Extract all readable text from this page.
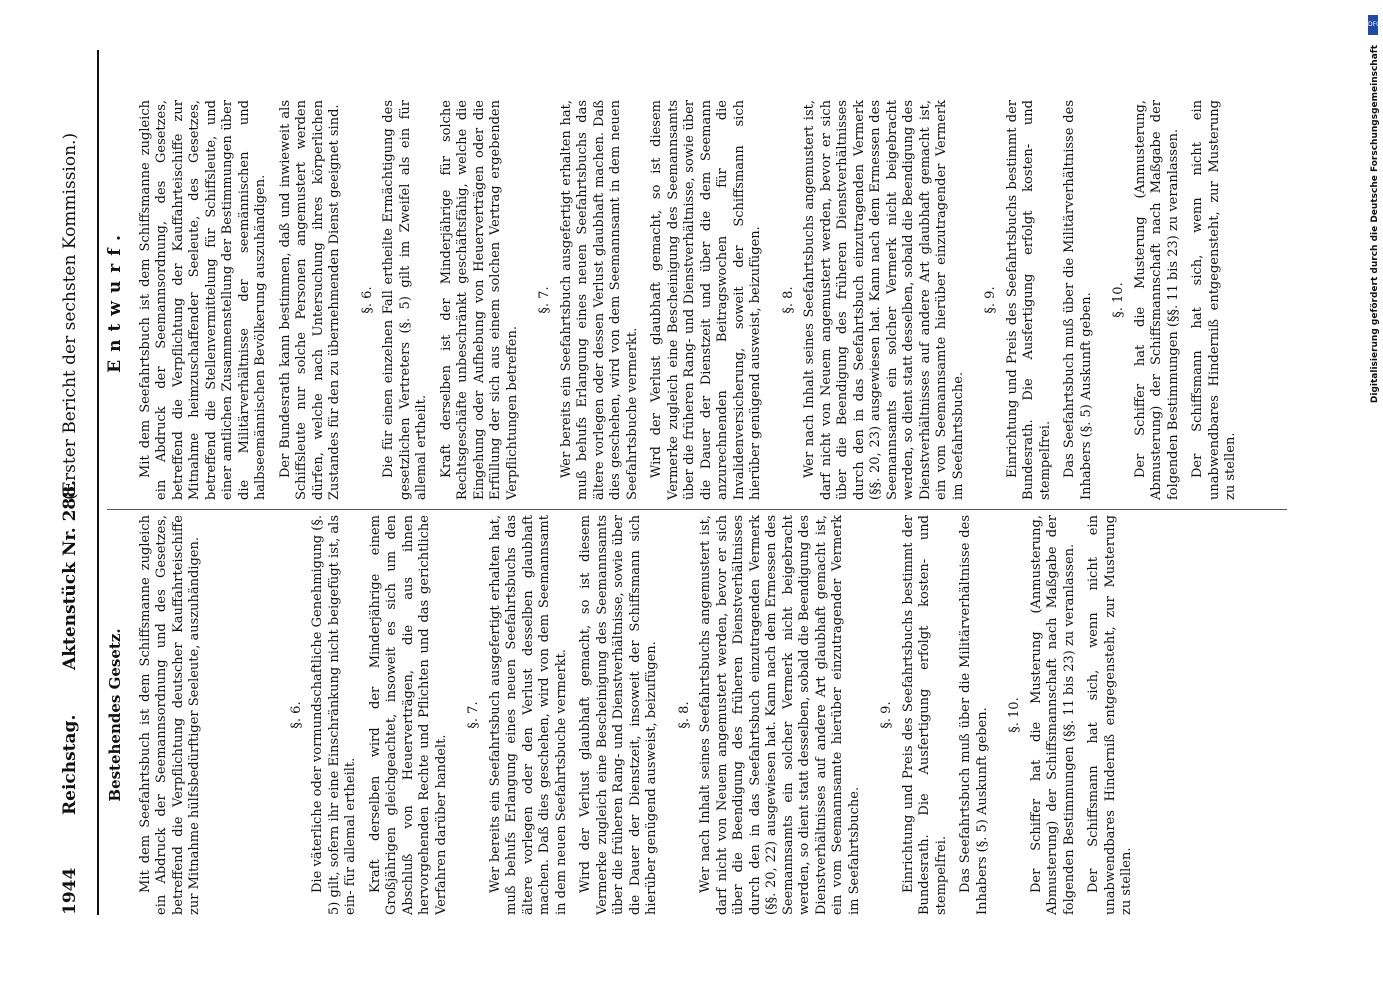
1944
Reichstag.
Aktenstück Nr. 288.
(Erster Bericht der sechsten Kommission.)
Bestehendes Gesetz. Mit dem Seefahrtsbuch ist dem Schiffsmanne zugleich ein Abdruck der Seemannsordnung und des Gesetzes, betreffend die Verpflichtung deutscher Kauffahrteischiffe zur Mitnahme hülfsbedürftiger Seeleute, auszuhändigen.	§. 6. Die väterliche oder vormundschaftliche Genehmigung (§. 5) gilt, sofern ihr eine Einschränkung nicht beigefügt ist, als ein- für allemal ertheilt. Kraft derselben wird der Minderjährige einem Großjährigen gleichgeachtet, insoweit es sich um den Abschluß von Heuerverträgen, die aus ihnen hervorgehenden Rechte und Pflichten und das gerichtliche Verfahren darüber handelt.

§. 7. Wer bereits ein Seefahrtsbuch ausgefertigt erhalten hat, muß behufs Erlangung eines neuen Seefahrtsbuchs das ältere vorlegen oder den Verlust desselben glaubhaft machen. Daß dies geschehen, wird von dem Seemannsamt in dem neuen Seefahrtsbuche vermerkt. Wird der Verlust glaubhaft gemacht, so ist diesem Vermerke zugleich eine Bescheinigung des Seemannsamts über die früheren Rang- und Dienstverhältnisse, sowie über die Dauer der Dienstzeit, insoweit der Schiffsmann sich hierüber genügend ausweist, beizufügen. §. 8. Wer nach Inhalt seines Seefahrtsbuchs angemustert ist, darf nicht von Neuem angemustert werden, bevor er sich über die Beendigung des früheren Dienstverhältnisses durch den in das Seefahrtsbuch einzutragenden Vermerk (§§. 20, 22) ausgewiesen hat. Kann nach dem Ermessen des Seemannsamts ein solcher Vermerk nicht beigebracht werden, so dient statt desselben, sobald die Beendigung des Dienstverhältnisses auf andere Art glaubhaft gemacht ist, ein vom Seemannsamte hierüber einzutragender Vermerk im Seefahrtsbuche.

§. 9. Einrichtung und Preis des Seefahrtsbuchs bestimmt der Bundesrath. Die Ausfertigung erfolgt kosten- und stempelfrei. Das Seefahrtsbuch muß über die Militärverhältnisse des Inhabers (§. 5) Auskunft geben. §. 10. Der Schiffer hat die Musterung (Anmusterung, Abmusterung) der Schiffsmannschaft nach Maßgabe der folgenden Bestimmungen (§§. 11 bis 23) zu veranlassen. Der Schiffsmann hat sich, wenn nicht ein unabwendbares Hinderniß entgegensteht, zur Musterung zu stellen.

Entwurf. Mit dem Seefahrtsbuch ist dem Schiffsmanne zugleich ein Abdruck der Seemannsordnung, des Gesetzes, betreffend die Verpflichtung der Kauffahrteischiffe zur Mitnahme heimzuschaffender Seeleute, des Gesetzes, betreffend die Stellenvermittelung für Schiffsleute, und einer amtlichen Zusammenstellung der Bestimmungen über die Militärverhältnisse der seemännischen und halbseemännischen Bevölkerung auszuhändigen. Der Bundesrath kann bestimmen, daß und inwieweit als Schiffsleute nur solche Personen angemustert werden dürfen, welche nach Untersuchung ihres körperlichen Zustandes für den zu übernehmenden Dienst geeignet sind. §. 6. Die für einen einzelnen Fall ertheilte Ermächtigung des gesetzlichen Vertreters (§. 5) gilt im Zweifel als ein für allemal ertheilt. Kraft derselben ist der Minderjährige für solche Rechtsgeschäfte unbeschränkt geschäftsfähig, welche die Eingehung oder Aufhebung von Heuerverträgen oder die Erfüllung der sich aus einem solchen Vertrag ergebenden Verpflichtungen betreffen.

§. 7. Wer bereits ein Seefahrtsbuch ausgefertigt erhalten hat, muß behufs Erlangung eines neuen Seefahrtsbuchs das ältere vorlegen oder dessen Verlust glaubhaft machen. Daß dies geschehen, wird von dem Seemannsamt in dem neuen Seefahrtsbuche vermerkt. Wird der Verlust glaubhaft gemacht, so ist diesem Vermerke zugleich eine Bescheinigung des Seemannsamts über die früheren Rang- und Dienstverhältnisse, sowie über die Dauer der Dienstzeit und über die dem Seemann anzurechnenden Beitragswochen für die Invalidenversicherung, soweit der Schiffsmann sich hierüber genügend ausweist, beizufügen. §. 8. Wer nach Inhalt seines Seefahrtsbuchs angemustert ist, darf nicht von Neuem angemustert werden, bevor er sich über die Beendigung des früheren Dienstverhältnisses durch den in das Seefahrtsbuch einzutragenden Vermerk (§§. 20, 23) ausgewiesen hat. Kann nach dem Ermessen des Seemannsamts ein solcher Vermerk nicht beigebracht werden, so dient statt desselben, sobald die Beendigung des Dienstverhältnisses auf andere Art glaubhaft gemacht ist, ein vom Seemannsamte hierüber einzutragender Vermerk im Seefahrtsbuche.

§. 9. Einrichtung und Preis des Seefahrtsbuchs bestimmt der Bundesrath. Die Ausfertigung erfolgt kosten- und stempelfrei. Das Seefahrtsbuch muß über die Militärverhältnisse des Inhabers (§. 5) Auskunft geben. §. 10. Der Schiffer hat die Musterung (Anmusterung, Abmusterung) der Schiffsmannschaft nach Maßgabe der folgenden Bestimmungen (§§. 11 bis 23) zu veranlassen. Der Schiffsmann hat sich, wenn nicht ein unabwendbares Hinderniß entgegensteht, zur Musterung zu stellen.

DFG
Digitalisierung gefördert durch die Deutsche Forschungsgemeinschaft
